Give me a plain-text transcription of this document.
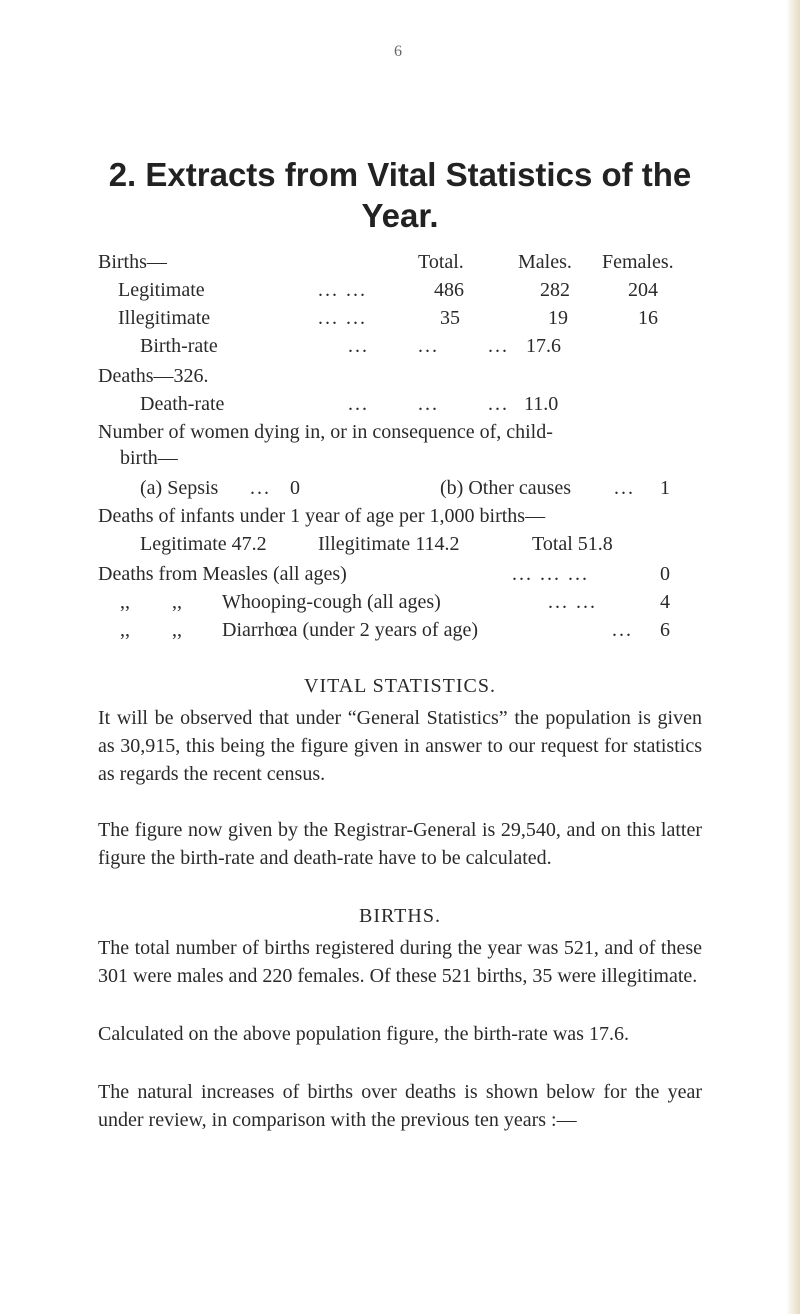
6
2. Extracts from Vital Statistics of the
Year.
Births—	Total.	Males. Females.
Legitimate	... ...	486	282	204
Illegitimate	... ...	35	19	16
Birth-rate	... ... ... 17.6
Deaths—326.
Death-rate	... ... ... 11.0
Number of women dying in, or in consequence of, child-
birth—
(a) Sepsis ... 0	(b) Other causes ... 1
Deaths of infants under 1 year of age per 1,000 births—
Legitimate 47.2	Illegitimate 114.2	Total 51.8
Deaths from Measles (all ages)	... ... ...	0
,, ,, Whooping-cough (all ages)	... ...	4
,, ,, Diarrhœa (under 2 years of age)	... 6
VITAL STATISTICS.
It will be observed that under “General Statistics” the population is given as 30,915, this being the figure given in answer to our request for statistics as regards the recent census.
The figure now given by the Registrar-General is 29,540, and on this latter figure the birth-rate and death-rate have to be calculated.
BIRTHS.
The total number of births registered during the year was 521, and of these 301 were males and 220 females. Of these 521 births, 35 were illegitimate.
Calculated on the above population figure, the birth-rate was 17.6.
The natural increases of births over deaths is shown below for the year under review, in comparison with the previous ten years :—
